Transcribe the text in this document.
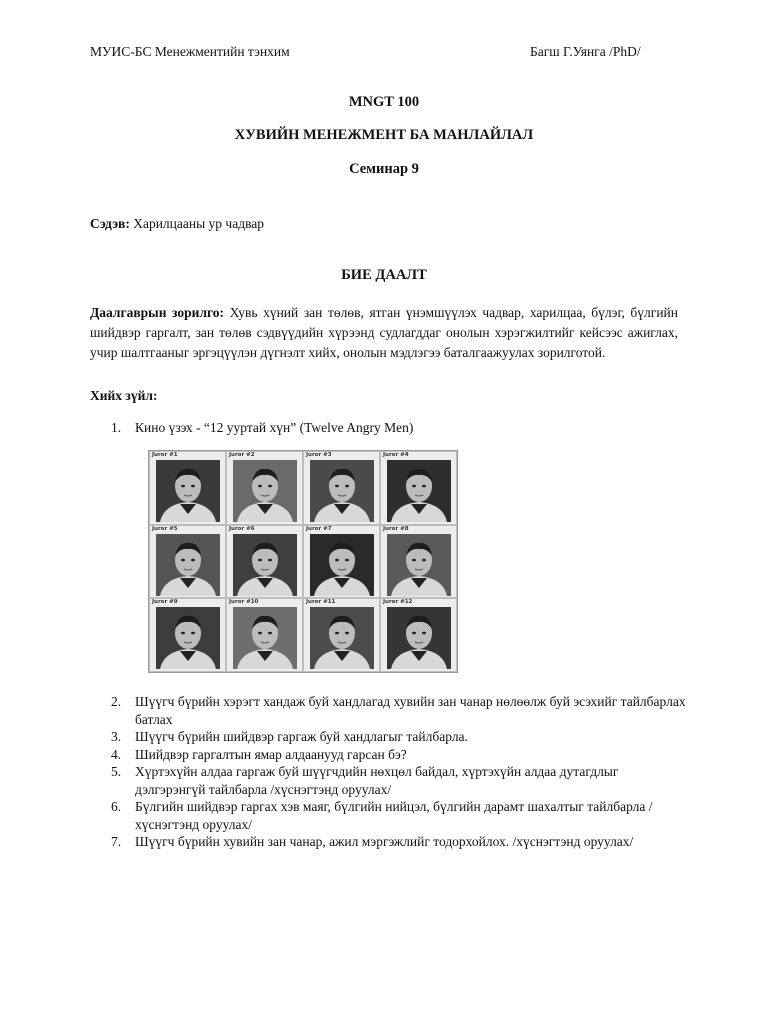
МУИС-БС Менежментийн тэнхим	Багш Г.Уянга /PhD/
MNGT 100
ХУВИЙН МЕНЕЖМЕНТ БА МАНЛАЙЛАЛ
Семинар 9
Сэдэв: Харилцааны ур чадвар
БИЕ ДААЛТ
Даалгаврын зорилго: Хувь хүний зан төлөв, ятган үнэмшүүлэх чадвар, харилцаа, бүлэг, бүлгийн шийдвэр гаргалт, зан төлөв сэдвүүдийн хүрээнд судлагддаг онолын хэрэгжилтийг кейсээс ажиглах, учир шалтгааныг эргэцүүлэн дүгнэлт хийх, онолын мэдлэгээ баталгаажуулах зорилготой.
Хийх зүйл:
1. Кино үзэх - “12 ууртай хүн” (Twelve Angry Men)
Juror #1	Juror #2	Juror #3	Juror #4
Juror #5	Juror #6	Juror #7	Juror #8
Juror #9	Juror #10	Juror #11	Juror #12
2. Шүүгч бүрийн хэрэгт хандаж буй хандлагад хувийн зан чанар нөлөөлж буй эсэхийг тайлбарлах батлах
3. Шүүгч бүрийн шийдвэр гаргаж буй хандлагыг тайлбарла.
4. Шийдвэр гаргалтын ямар алдаанууд гарсан бэ?
5. Хүртэхүйн алдаа гаргаж буй шүүгчдийн нөхцөл байдал, хүртэхүйн алдаа дутагдлыг дэлгэрэнгүй тайлбарла /хүснэгтэнд оруулах/
6. Бүлгийн шийдвэр гаргах хэв маяг, бүлгийн нийцэл, бүлгийн дарамт шахалтыг тайлбарла /хүснэгтэнд оруулах/
7. Шүүгч бүрийн хувийн зан чанар, ажил мэргэжлийг тодорхойлох. /хүснэгтэнд оруулах/
